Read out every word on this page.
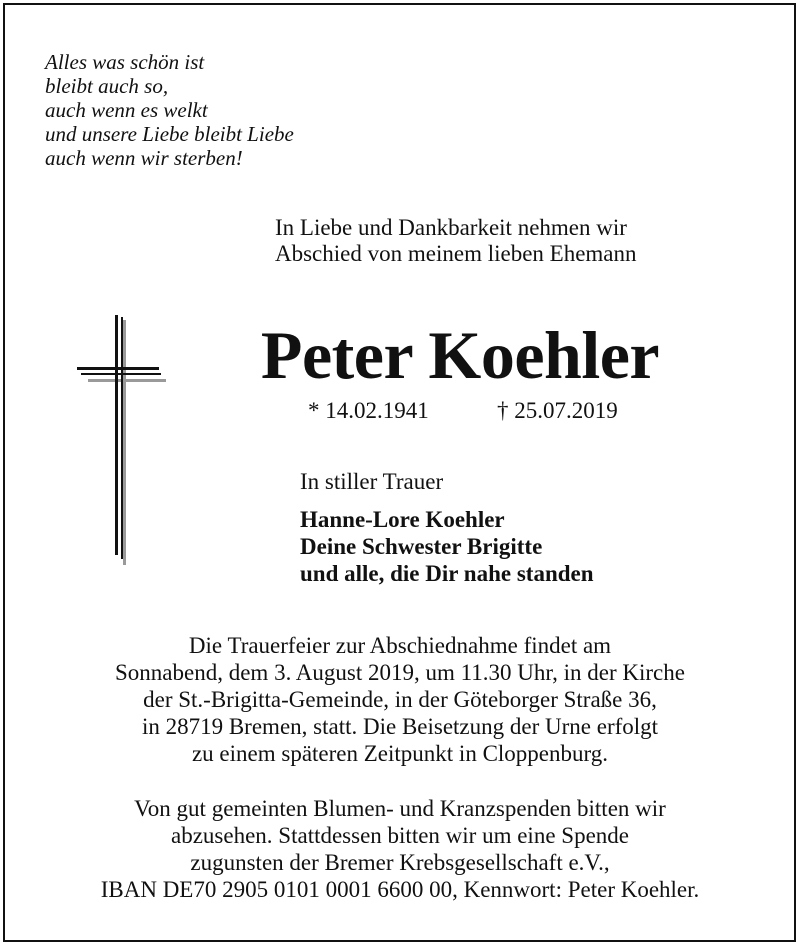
Alles was schön ist
bleibt auch so,
auch wenn es welkt
und unsere Liebe bleibt Liebe
auch wenn wir sterben!
In Liebe und Dankbarkeit nehmen wir
Abschied von meinem lieben Ehemann
Peter Koehler
* 14.02.1941	† 25.07.2019
In stiller Trauer
Hanne-Lore Koehler
Deine Schwester Brigitte
und alle, die Dir nahe standen
Die Trauerfeier zur Abschiednahme findet am
Sonnabend, dem 3. August 2019, um 11.30 Uhr, in der Kirche
der St.-Brigitta-Gemeinde, in der Göteborger Straße 36,
in 28719 Bremen, statt. Die Beisetzung der Urne erfolgt
zu einem späteren Zeitpunkt in Cloppenburg.
Von gut gemeinten Blumen- und Kranzspenden bitten wir
abzusehen. Stattdessen bitten wir um eine Spende
zugunsten der Bremer Krebsgesellschaft e.V.,
IBAN DE70 2905 0101 0001 6600 00, Kennwort: Peter Koehler.
